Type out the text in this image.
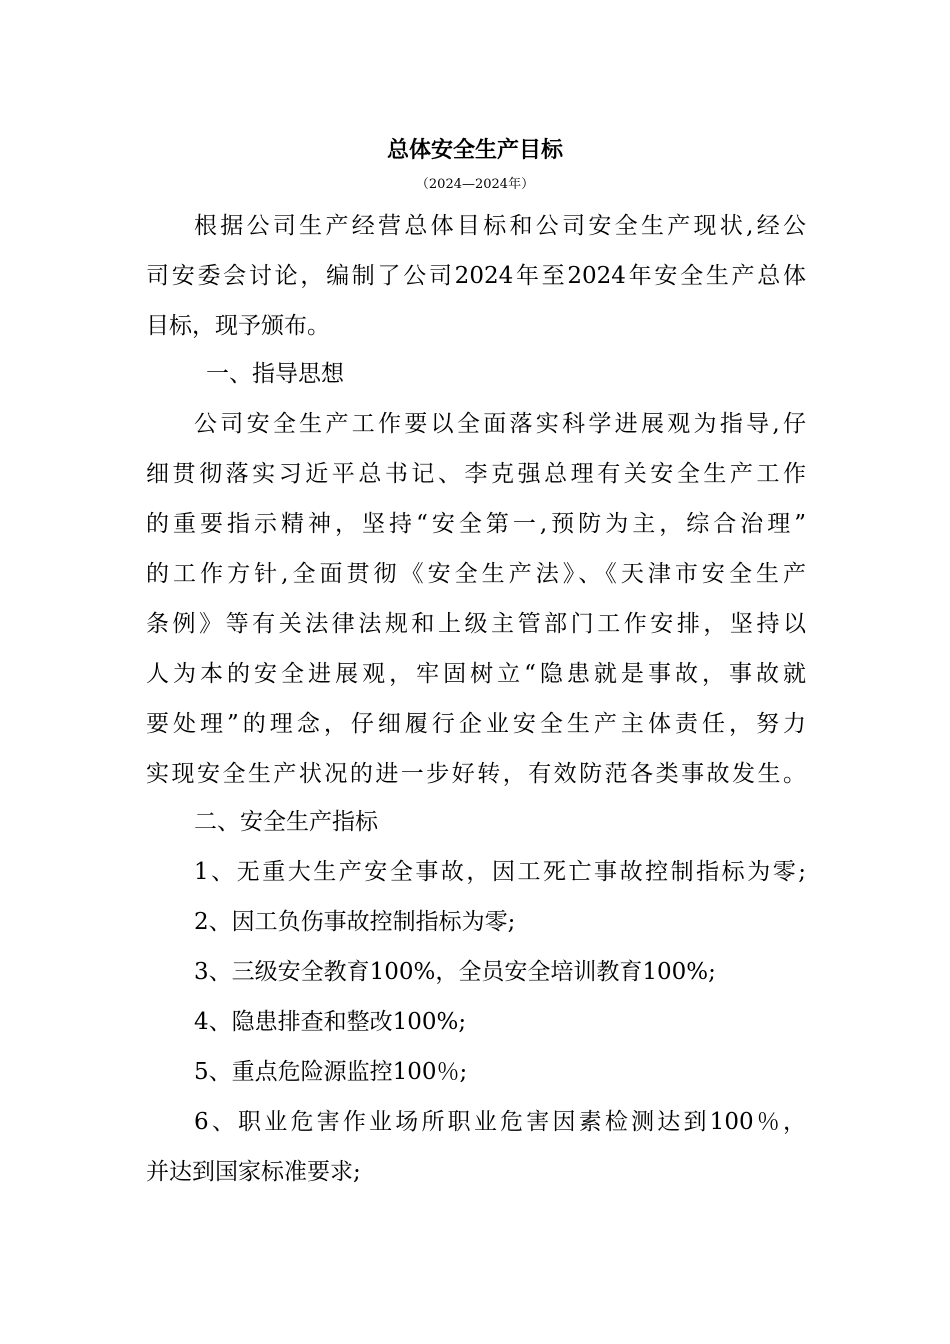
总体安全生产目标
（2024—2024年）
根据公司生产经营总体目标和公司安全生产现状,经公
司安委会讨论，编制了公司2024年至2024年安全生产总体
目标，现予颁布。
一、指导思想
公司安全生产工作要以全面落实科学进展观为指导,仔
细贯彻落实习近平总书记、李克强总理有关安全生产工作
的重要指示精神，坚持“安全第一,预防为主，综合治理”
的工作方针,全面贯彻《安全生产法》、《天津市安全生产
条例》等有关法律法规和上级主管部门工作安排，坚持以
人为本的安全进展观，牢固树立“隐患就是事故，事故就
要处理”的理念，仔细履行企业安全生产主体责任，努力
实现安全生产状况的进一步好转，有效防范各类事故发生。
二、安全生产指标
1、无重大生产安全事故，因工死亡事故控制指标为零;
2、因工负伤事故控制指标为零;
3、三级安全教育100%，全员安全培训教育100%;
4、隐患排查和整改100%;
5、重点危险源监控100％;
6、职业危害作业场所职业危害因素检测达到100％，
并达到国家标准要求;
